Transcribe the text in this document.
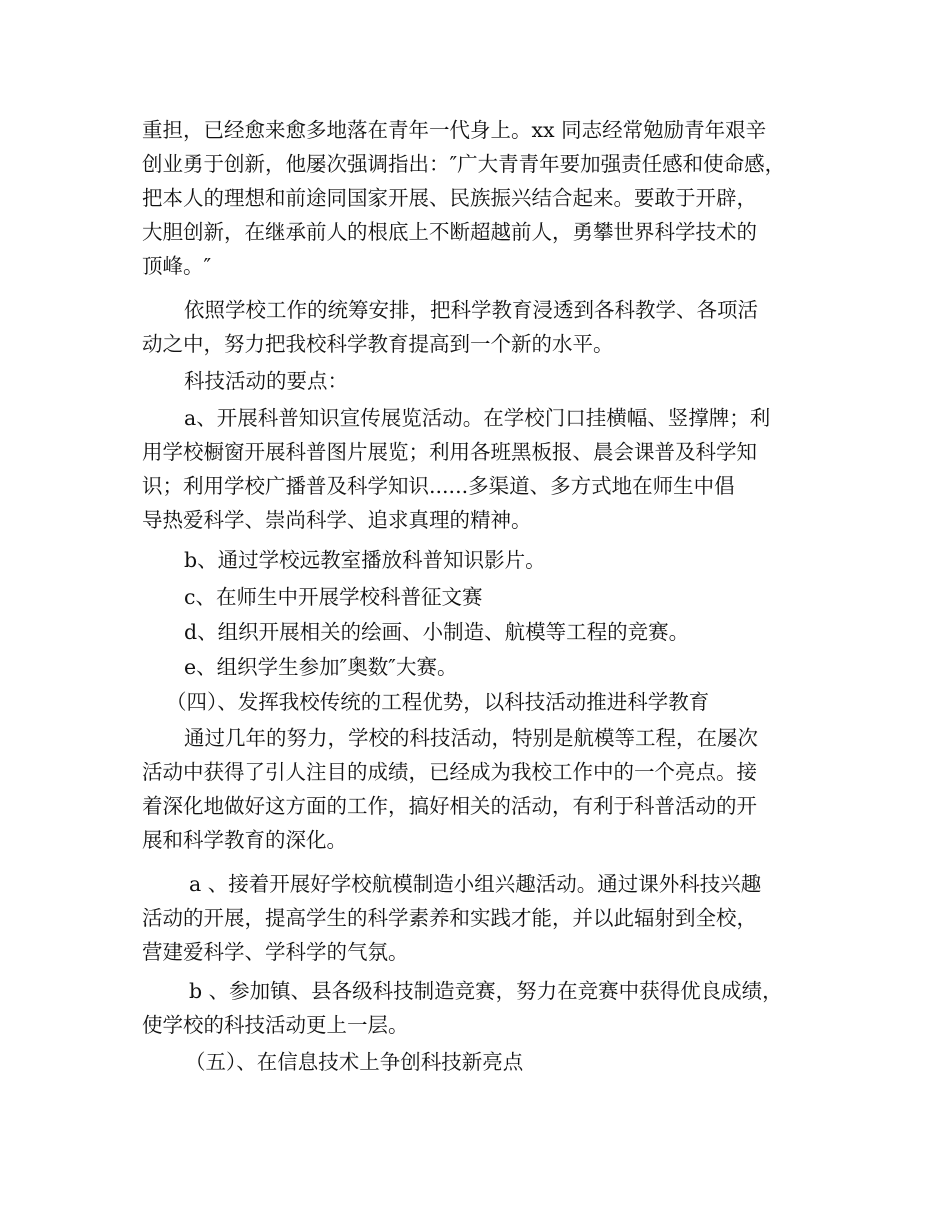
重担，已经愈来愈多地落在青年一代身上。xx 同志经常勉励青年艰辛
创业勇于创新，他屡次强调指出：″广大青青年要加强责任感和使命感，
把本人的理想和前途同国家开展、民族振兴结合起来。要敢于开辟，
大胆创新，在继承前人的根底上不断超越前人，勇攀世界科学技术的
顶峰。″
依照学校工作的统筹安排，把科学教育浸透到各科教学、各项活
动之中，努力把我校科学教育提高到一个新的水平。
科技活动的要点：
a、开展科普知识宣传展览活动。在学校门口挂横幅、竖撑牌；利
用学校橱窗开展科普图片展览；利用各班黑板报、晨会课普及科学知
识；利用学校广播普及科学知识......多渠道、多方式地在师生中倡
导热爱科学、崇尚科学、追求真理的精神。
b、通过学校远教室播放科普知识影片。
c、在师生中开展学校科普征文赛
d、组织开展相关的绘画、小制造、航模等工程的竞赛。
e、组织学生参加″奥数″大赛。
（四）、发挥我校传统的工程优势，以科技活动推进科学教育
通过几年的努力，学校的科技活动，特别是航模等工程，在屡次
活动中获得了引人注目的成绩，已经成为我校工作中的一个亮点。接
着深化地做好这方面的工作，搞好相关的活动，有利于科普活动的开
展和科学教育的深化。
a 、接着开展好学校航模制造小组兴趣活动。通过课外科技兴趣
活动的开展，提高学生的科学素养和实践才能，并以此辐射到全校，
营建爱科学、学科学的气氛。
b 、参加镇、县各级科技制造竞赛，努力在竞赛中获得优良成绩，
使学校的科技活动更上一层。
（五）、在信息技术上争创科技新亮点
